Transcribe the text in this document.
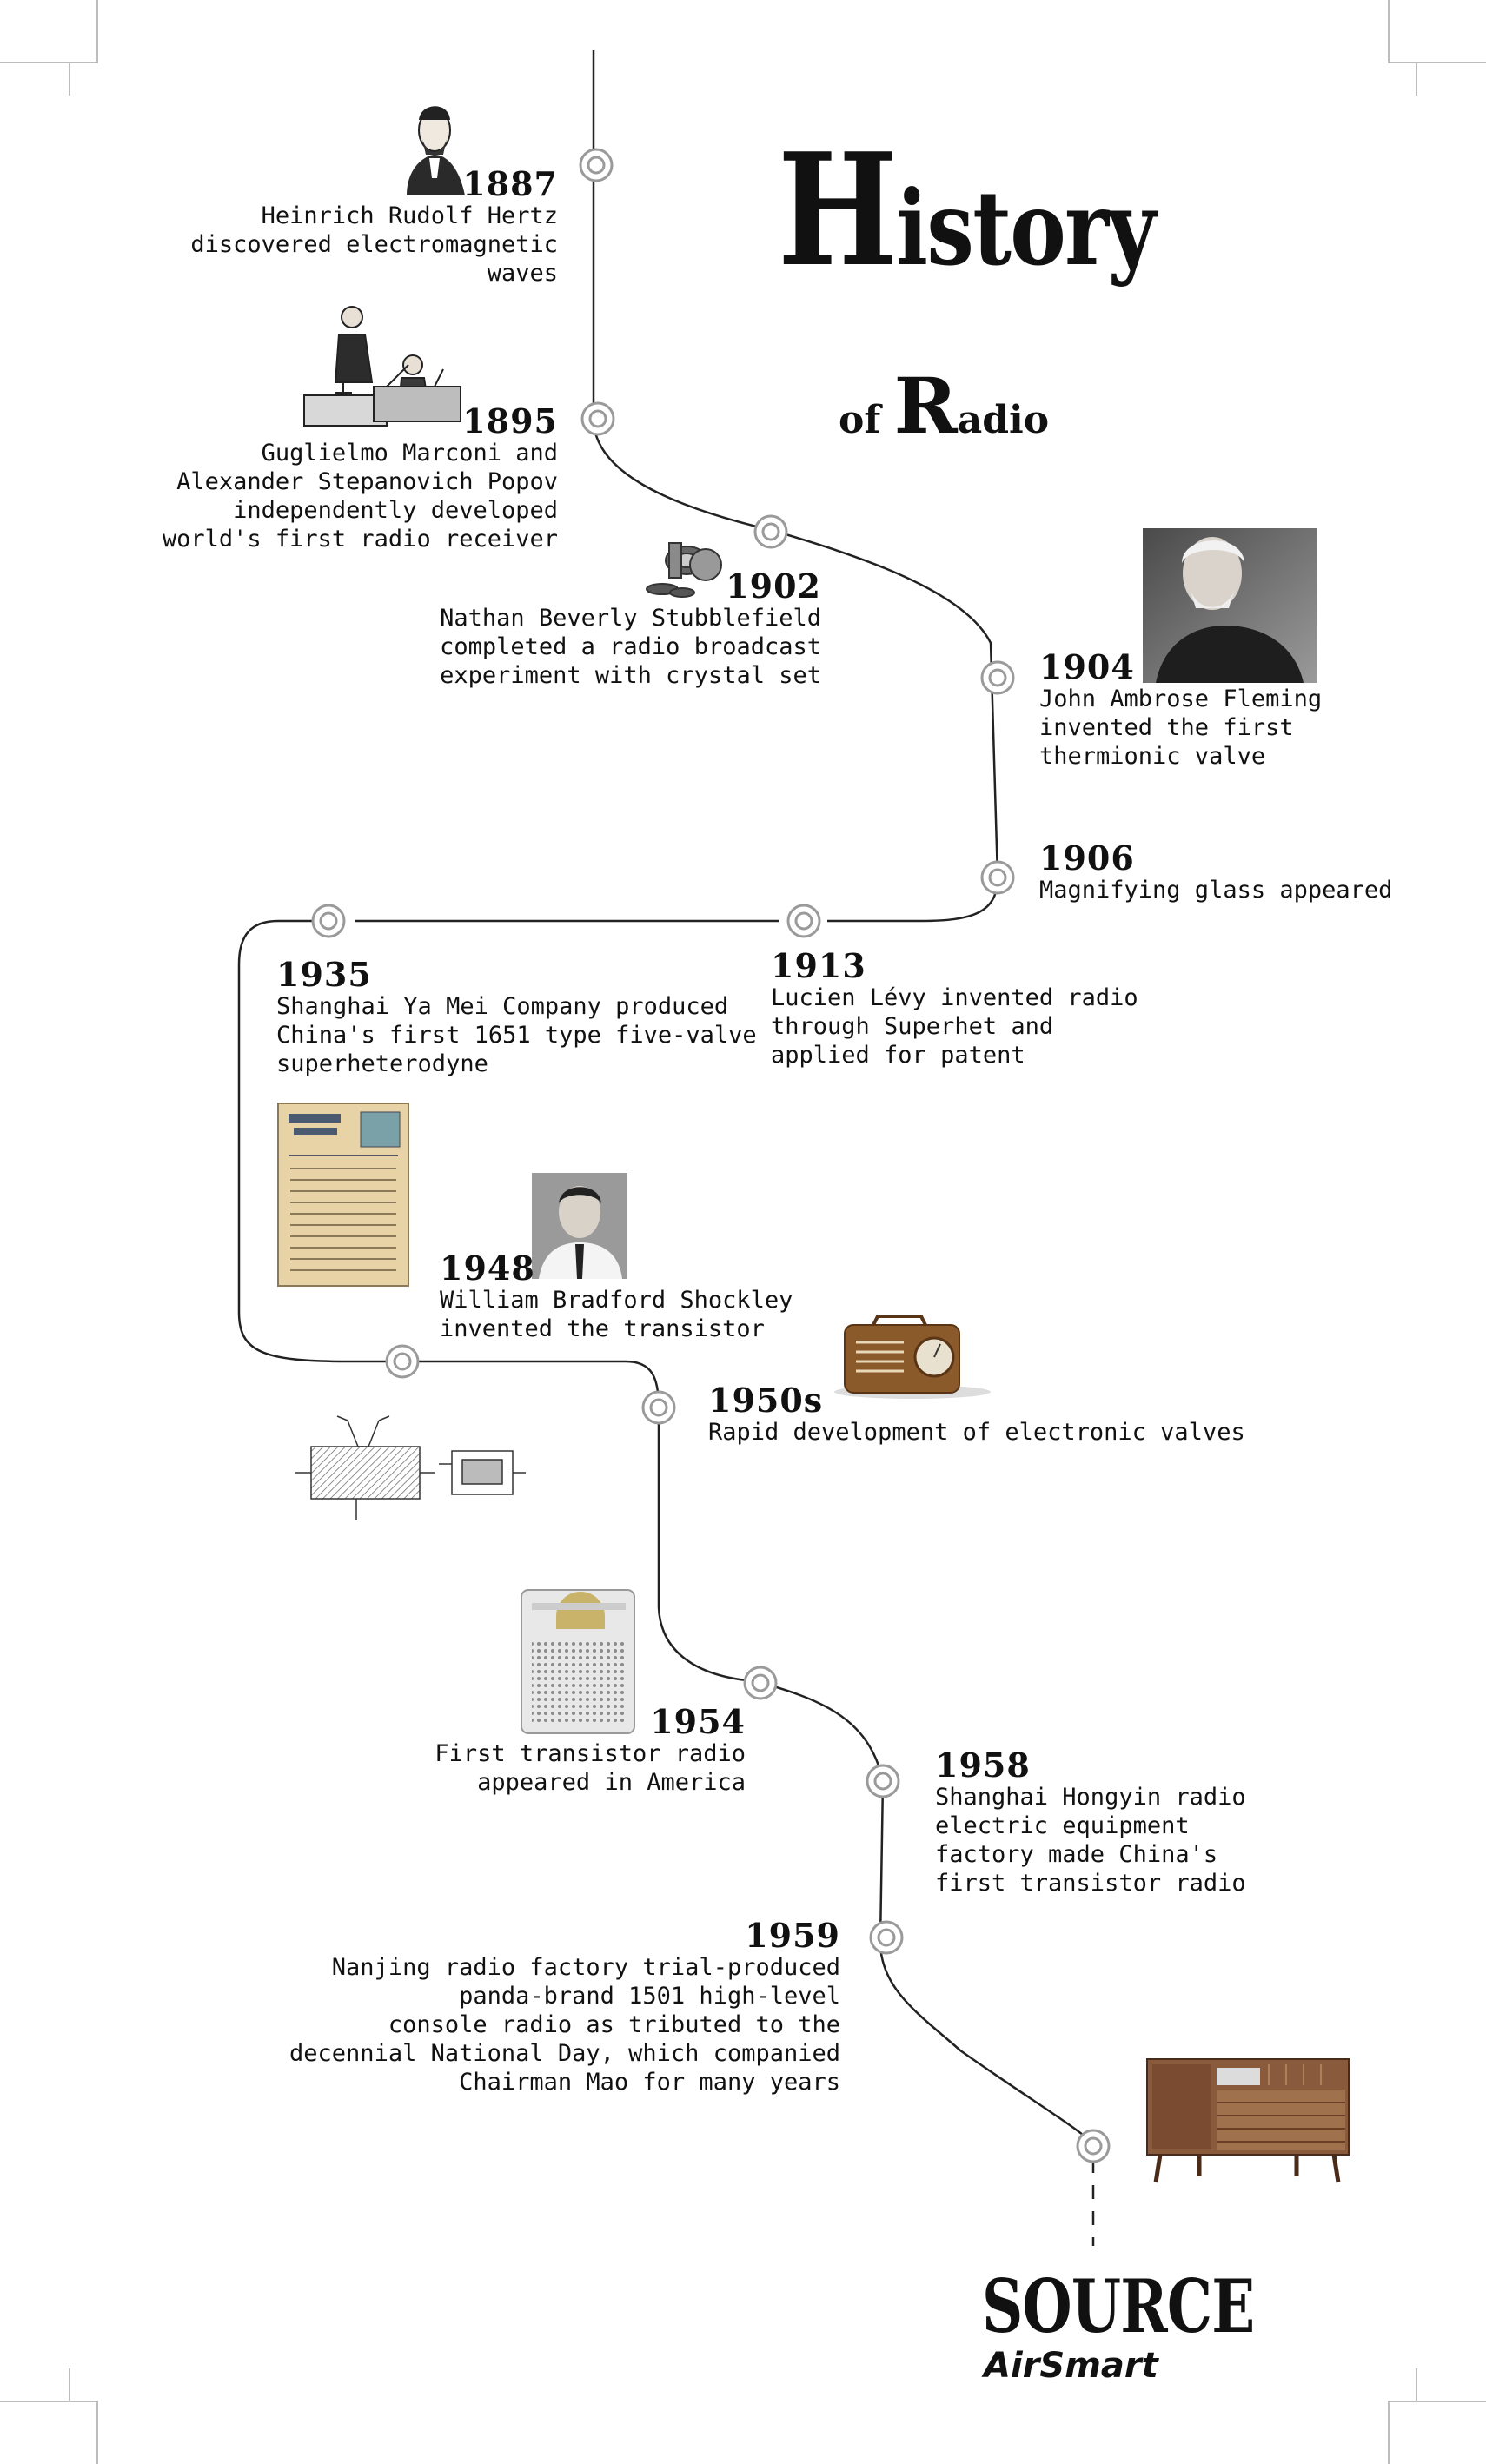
History
of Radio
1887
Heinrich Rudolf Hertz
discovered electromagnetic
waves
1895
Guglielmo Marconi and
Alexander Stepanovich Popov
independently developed
world's first radio receiver
1902
Nathan Beverly Stubblefield
completed a radio broadcast
experiment with crystal set	1904
John Ambrose Fleming
invented the first
thermionic valve
1906
Magnifying glass appeared
1913
Lucien Lévy invented radio
through Superhet and
applied for patent
1935
Shanghai Ya Mei Company produced
China's first 1651 type five-valve
superheterodyne
1948
William Bradford Shockley
invented the transistor
1950s
Rapid development of electronic valves
1954
First transistor radio
appeared in America	1958
Shanghai Hongyin radio
electric equipment
factory made China's
first transistor radio
1959
Nanjing radio factory trial-produced
panda-brand 1501 high-level
console radio as tributed to the
decennial National Day, which companied
Chairman Mao for many years
SOURCE
AirSmart
